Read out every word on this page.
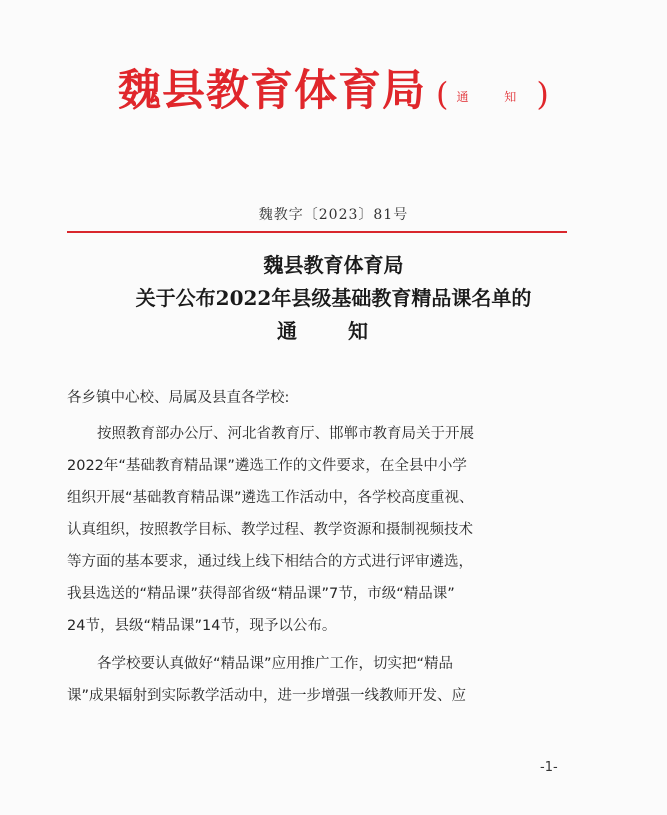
魏县教育体育局 ( 通 知 )
魏教字〔2023〕81号
魏县教育体育局
关于公布2022年县级基础教育精品课名单的
通 知
各乡镇中心校、局属及县直各学校:
按照教育部办公厅、河北省教育厅、邯郸市教育局关于开展
2022年“基础教育精品课”遴选工作的文件要求，在全县中小学
组织开展“基础教育精品课”遴选工作活动中，各学校高度重视、
认真组织，按照教学目标、教学过程、教学资源和摄制视频技术
等方面的基本要求，通过线上线下相结合的方式进行评审遴选，
我县选送的“精品课”获得部省级“精品课”7节，市级“精品课”
24节，县级“精品课”14节，现予以公布。
各学校要认真做好“精品课”应用推广工作，切实把“精品
课”成果辐射到实际教学活动中，进一步增强一线教师开发、应
-1-
